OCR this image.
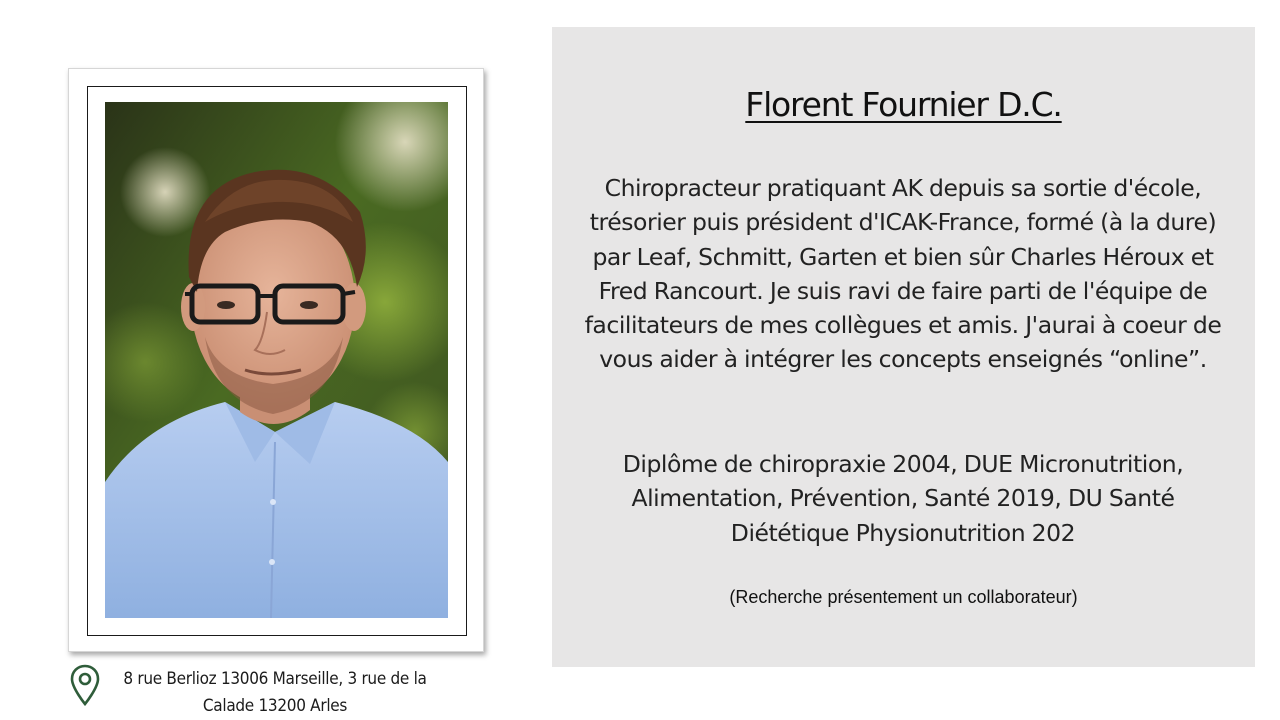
8 rue Berlioz 13006 Marseille, 3 rue de la Calade 13200 Arles
Florent Fournier D.C.
Chiropracteur pratiquant AK depuis sa sortie d'école, trésorier puis président d'ICAK-France, formé (à la dure) par Leaf, Schmitt, Garten et bien sûr Charles Héroux et Fred Rancourt. Je suis ravi de faire parti de l'équipe de facilitateurs de mes collègues et amis. J'aurai à coeur de vous aider à intégrer les concepts enseignés “online”.
Diplôme de chiropraxie 2004, DUE Micronutrition, Alimentation, Prévention, Santé 2019, DU Santé Diététique Physionutrition 202
(Recherche présentement un collaborateur)
